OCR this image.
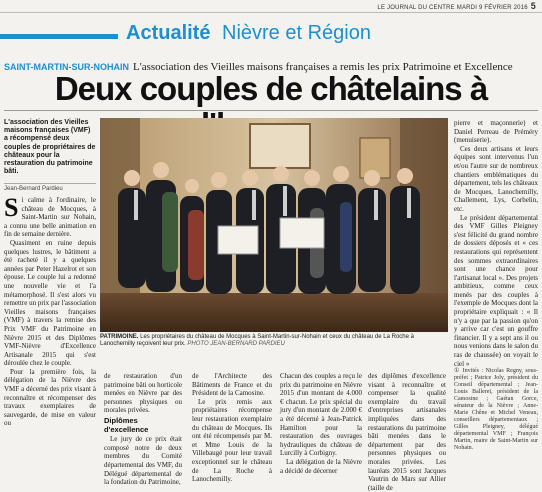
LE JOURNAL DU CENTRE MARDI 9 FÉVRIER 2016 5
Actualité Nièvre et Région
SAINT-MARTIN-SUR-NOHAIN L'association des Vieilles maisons françaises a remis les prix Patrimoine et Excellence
Deux couples de châtelains à
L'association des Vieilles maisons françaises (VMF) a récompensé deux couples de propriétaires de châteaux pour la restauration du patrimoine bâti.
Jean-Bernard Pardieu

Si calme à l'ordinaire, le château de Mocques, à Saint-Martin sur Nohain, a connu une belle animation en fin de semaine dernière.

Quasiment en ruine depuis quelques lustres, le bâtiment a été racheté il y a quelques années par Peter Hazelrot et son épouse. Le couple lui a redonné une nouvelle vie et l'a métamorphosé. Il s'est alors vu remettre un prix par l'association Vieilles maisons françaises (VMF) à travers la remise des Prix VMF du Patrimoine en Nièvre 2015 et des Diplômes VMF-Nièvre d'Excellence Artisanale 2015 qui s'est déroulée chez le couple.

Pour la première fois, la délégation de la Nièvre des VMF a décerné des prix visant à reconnaître et récompenser des travaux exemplaires de sauvegarde, de mise en valeur ou

PATRIMOINE. Les propriétaires du château de Mocques à Saint-Martin-sur-Nohain et ceux du château de La Roche à Lanochemilly reçoivent leur prix. PHOTO JEAN-BERNARD PARDIEU

de restauration d'un patrimoine bâti ou horticole menées en Nièvre par des personnes physiques ou morales privées.

Diplômes d'excellence

Le jury de ce prix était composé notre de deux membres du Comité départemental des VMF, du Délégué départemental de la fondation du Patrimoine,

de l'Architecte des Bâtiments de France et du Président de la Camosine.

Le prix remis aux propriétaires récompense leur restauration exemplaire du château de Mocques. Ils ont été récompensés par M. et Mme Louis de la Villebaugé pour leur travail exceptionnel sur le château de La Roche à Lanochemilly.

Chacun des couples a reçu le prix du patrimoine en Nièvre 2015 d'un montant de 4.000 € chacun. Le prix spécial du jury d'un montant de 2.000 € a été décerné à Jean-Patrick Hamilton pour la restauration des ouvrages hydrauliques du château de Lurcilly à Corbigny.

La délégation de la Nièvre a décidé de décerner

des diplômes d'excellence visant à reconnaître et compenser la qualité exemplaire du travail d'entreprises artisanales impliquées dans des restaurations du patrimoine bâti menées dans le département par des personnes physiques ou morales privées. Les lauréats 2015 sont Jacques Vautrin de Mars sur Allier (taille de

pierre et maçonnerie) et Daniel Perreau de Préméry (menuiserie).

Ces deux artisans et leurs équipes sont intervenus l'un et/ou l'autre sur de nombreux chantiers emblématiques du département, tels les châteaux de Mocques, Lanochemilly, Challement, Lys, Corbelin, etc.

Le président départemental des VMF Gilles Pleigney s'est félicité du grand nombre de dossiers déposés et « ces restaurations qui représentent des sommes extraordinaires sont une chance pour l'artisanat local ». Des projets ambitieux, comme ceux menés par des couples à l'exemple de Mocques dont la propriétaire expliquait : « Il n'y a que par la passion qu'on y arrive car c'est un gouffre financier. Il y a sept ans il ou nous venions dans le salon du ras de chaussée) on voyait le ciel »

① Invités : Nicolas Regny, sous-préfet ; Patrice Joly, président du Conseil départemental ; Jean-Louis Balleret, président de la Camosine ; Gaétan Gorce, sénateur de la Nièvre ; Anne-Marie Chêne et Michel Veneau, conseillers départementaux ; Gilles Pleigney, délégué départemental VMF ; François Martin, maire de Saint-Martin sur Nohain.
